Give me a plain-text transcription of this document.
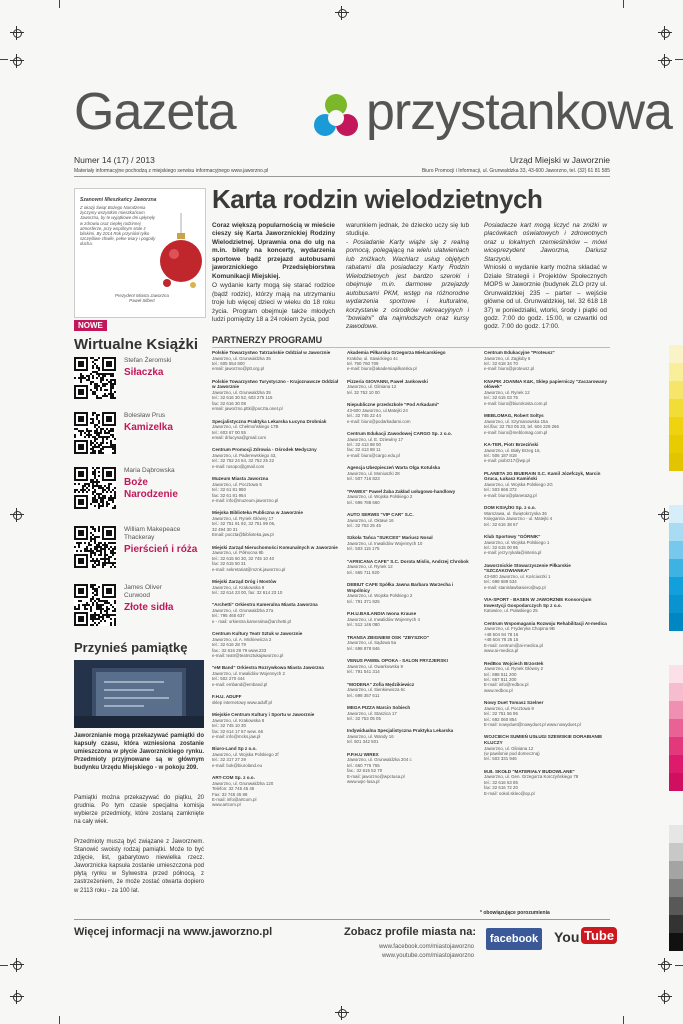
Gazeta	przystankowa
Numer 14 (17) / 2013
Materiały informacyjne pochodzą z miejskiego serwisu informacyjnego www.jaworzno.pl
Urząd Miejski w Jaworznie
Biuro Promocji i Informacji, ul. Grunwaldzka 33, 43-600 Jaworzno, tel. (32) 61 81 585
Szanowni Mieszkańcy Jaworzna
Z okazji Świąt Bożego Narodzenia życzymy wszystkim mieszkańcom Jaworzna, by te wyjątkowe dni upłynęły w zdrowiu oraz ciepłej rodzinnej atmosferze, przy wspólnym stole z bliskimi. By 2014 Rok przyniósł tylko szczęśliwe chwile, pełne wiary i pogody ducha.
Prezydent Miasta Jaworzna
Paweł Silbert
NOWE
Wirtualne Książki
Stefan Żeromski
Siłaczka
Bolesław Prus
Kamizelka
Maria Dąbrowska
Boże Narodzenie
William Makepeace Thackeray
Pierścień i róża
James Oliver Curwood
Złote sidła
Przynieś pamiątkę
Jaworznianie mogą przekazywać pamiątki do kapsuły czasu, która wzniesiona zostanie umieszczona w płycie Jaworznickiego rynku. Przedmioty przyjmowane są w głównym budynku Urzędu Miejskiego - w pokoju 209.
Pamiątki można przekazywać do piątku, 20 grudnia. Po tym czasie specjalna komisja wybierze przedmioty, które zostaną zamknięte na cały wiek.
Przedmioty muszą być związane z Jaworznem. Stanowić swoisty rodzaj pamiątki. Może to być zdjęcie, list, gabarytowo niewielka rzecz. Jaworznicka kapsuła zostanie umieszczona pod płytą rynku w Sylwestra przed północą, z zastrzeżeniem, że może zostać otwarta dopiero w 2113 roku - za 100 lat.
Karta rodzin wielodzietnych
Coraz większą popularnością w mieście cieszy się Karta Jaworznickiej Rodziny Wielodzietnej. Uprawnia ona do ulg na m.in. bilety na koncerty, wydarzenia sportowe bądź przejazd autobusami jaworznickiego Przedsiębiorstwa Komunikacji Miejskiej.
O wydanie karty mogą się starać rodzice (bądź rodzic), którzy mają na utrzymaniu troje lub więcej dzieci w wieku do 18 roku życia. Program obejmuje także młodych ludzi pomiędzy 18 a 24 rokiem życia, pod
warunkiem jednak, że dziecko uczy się lub studiuje.
- Posiadanie Karty wiąże się z realną pomocą, polegającą na wielu ulatwieniach lub zniżkach. Wachlarz usług objętych rabatami dla posiadaczy Karty Rodzin Wielodzietnych jest bardzo szeroki i obejmuje m.in. darmowe przejazdy autobusami PKM, wstęp na różnorodne wydarzenia sportowe i kulturalne, korzystanie z ośrodków rekreacyjnych i "bowialni" dla najmłodszych oraz kursy zawodowe.
Posiadacze kart mogą liczyć na zniżki w placówkach oświatowych i zdrowotnych oraz u lokalnych rzemieślników – mówi wiceprezydent Jaworzna, Dariusz Starzycki.
Wnioski o wydanie karty można składać w Dziale Strategii i Projektów Społecznych MOPS w Jaworznie (budynek ZLO przy ul. Grunwaldzkiej 235 – parter – wejście główne od ul. Grunwaldzkiej, tel. 32 618 18 37) w poniedziałki, wtorki, środy i piątki od godz. 7:00 do godz. 15:00, w czwartki od godz. 7:00 do godz. 17:00.
PARTNERZY PROGRAMU
Polskie Towarzystwo Tatrzańskie Oddział w Jaworznie
Jaworzno, ul. Grunwaldzka 35
tel.: 605 554 800
email: jaworzno@ptt.org.pl
Polskie Towarzystwo Turystyczno - Krajoznawcze Oddział w Jaworznie
Jaworzno, ul. Grunwaldzka 35
tel.: 32 616 30 52, 603 275 115
fax: 32 616 30 08
email: jaworzno.pttk@poczta.onet.pl
Specjalistyczna Praktyka Lekarska Łucyna Drobniak
Jaworzno, ul. Chełmońskiego 17B
tel.: 603 67 00 55
email: drlucyna@gmail.com
Centrum Promocji Zdrowia - Ośrodek Medyczny
Jaworzno, ul. Paderewskiego 43,
tel.: 32 752 24 64, 32 752 25 22
e-mail: rusopo@gmail.com
Muzeum Miasta Jaworzna
Jaworzno, ul. Pocztowa 5
tel.: 32 61 81 950
fax: 32 61 81 954
e-mail: info@muzeum.jaworzno.pl
Miejska Biblioteka Publiczna w Jaworznie
Jaworzno, ul. Rynek Główny 17
tel.: 32 751 91 92, 32 751 99 06,
32 494 30 31
Email: poczta@biblioteka.jaw.pl
Miejski Zarząd Nieruchomości Komunalnych w Jaworznie
Jaworzno, ul. Północna 9b
tel.: 32 615 50 30, 32 745 10 40
fax: 32 615 50 31
e-mail: sekretariat@mznk.jaworzno.pl
Miejski Zarząd Dróg i Mostów
Jaworzno, ul. Krakowska 9
tel.: 32 614 23 00, fax: 32 614 23 10
"Archetti" Orkiestra Kameralna Miasta Jaworzna
Jaworzno, ul. Grunwaldzka 27a
tel.: 795 465 637
e - mail: orkiestra.kameralna@archetti.pl
Centrum Kultury Teatr Sztuk w Jaworznie
Jaworzno, ul. A. Mickiewicza 2
tel.: 32 616 28 79
fax.: 32 616 28 79 www.233
e-mail: teatr@teatrsztukajaworzno.pl
"eM Band" Orkiestra Rozrywkowa Miasta Jaworzna
Jaworzno, ul. Inwalidów Wojennych 2
tel.: 502 270 444
e-mail: emband@emband.pl
F.H.U. ADUFF
sklep internetowy www.aduff.pl
Miejskie Centrum Kultury i Sportu w Jaworznie
Jaworzno, ul. Krakowska 8
tel.: 32 745 10 30
fax: 32 614 17 67 wew. 66
e-mail: info@mcks.jaw.pl
Biuro-Land Sp z o.o.
Jaworzno, ul. Wojska Polskiego 2f
tel.: 32 317 27 29
e-mail: bok@biuroland.eu
ART-COM Sp. z o.o.
Jaworzno, ul. Grunwaldzka 120
Telefon: 32 745 45 45
Fax: 32 745 45 88
E-mail: info@artcom.pl
www.artcom.pl
Akademia Piłkarska Grzegorza Mielcarskiego
Kraków, ul. Sawickiego 4c
tel. 790 760 709
e-mail: biuro@akademiapilkarska.pl
Pizzeria GIOVANNI, Paweł Jankowski
Jaworzno, ul. Gliniana 12
tel. 32 752 10 00
Niepubliczne przedszkole "Pod Arkadami"
43-600 Jaworzno, ul.Matejki 24
tel.: 32 745 22 44
e-mail: biuro@podarkadami.com
Centrum Edukacji Zawodowej CARGO Sp. z o.o.
Jaworzno, ul. E. Dziewiny 17
tel.: 32 413 88 00
fax: 32 413 88 11
e-mail: biuro@cargo.edu.pl
Agencja Ubezpieczeń Warta Olga Kotulska
Jaworzno, ul. Moniuszki 28
tel.: 507 716 823
"PAWEX" Paweł Żaba Zakład usługowo-handlowy
Jaworzno, ul. Wojska Polskiego 2
tel.: 696 788 660
AUTO SERWIS "VIP CAR" S.C.
Jaworzno, ul. Oktawi 16
tel.: 32 753 25 45
Szkoła Tańca "SUKCES" Mariusz Nosal
Jaworzno, ul. Inwalidów Wojennych 10
tel.: 503 115 175
"AFRICANA CAFE" S.C. Dorota Mislis, Andrzej Chrobok
Jaworzno, ul. Rynek 12
tel.: 665 711 920
DEBIUT CAFE Spółka Jawna Barbara Warzecha i Wspólnicy
Jaworzno, ul. Wojska Polskiego 2
tel.: 791 371 825
P.H.U.BAILANDIA Iwona Krause
Jaworzno, ul. Inwalidów Wojennych 4
tel.: 512 146 080
TRANSA ZBIGNIEW OSK "ZBYSZKO"
Jaworzno, ul. Sądowa 5a
tel.: 698 878 846
VENUS PAWEŁ OPOKA - SALON FRYZJERSKI
Jaworzno, ul. Gwarkowska 9
tel.: 791 541 314
"MODENA" Zofia Mędzikiewicz
Jaworzno, ul. Sienkiewicza 6c
tel.: 698 357 611
MEGA PIZZA Marcin Sobiech
Jaworzno, ul. Staszica 17
tel.: 32 753 05 05
Indywidualna Specjalistyczna Praktyka Lekarska
Jaworzno, ul. Wandy 16
tel. 501 342 501
P.P.H.U WIREX
Jaworzno, ul. Grunwaldzka 204 c
tel.: 660 776 755
fax.: 32 615 52 70
E-mail: jaworzno@wpctusa.pl
www.wpc-lusa.pl
Centrum Edukacyjne "Proteusz"
Jaworzno, ul. Zagłoby 6
tel.: 32 618 34 70
e-mail: biuro@proteusz.pl
KNAPIK JOANNA K&K, Sklep papierniczy "Zaczarowany ołówek"
Jaworzno, ul. Rynek 12
tel.: 32 615 03 75
e-mail: biuro@biurokosta.com.pl
MEBLOMAG, Robert Soltys
Jaworzno, ul. Szymanowska 15a
tel./fax: 32 753 05 33, tel. 604 229 266
e-mail: biuro@meblomag.com.pl
KA-TER, Piotr Brzeziński
Jaworzno, ul. Biały Brzeg 16,
tel.: 506 187 818
e-mail: piobrz17@wp.pl
PLANETA 2G BIUERAIN S.C. Kamil Józefczyk, Marcin Gruca, Łukasz Kamiński
Jaworzno, ul. Wojska Polskiego 2G
tel.: 503 666 372
e-mail: biuro@planeta2g.pl
DOM KSIĄŻKI Sp. z o.o.
Warszawa, ul. Świętokrzyska 36
Księgarnia Jaworzno - ul. Matejki 4
tel.: 32 616 38 67
Klub Sportowy "GÓRNIK"
Jaworzno, ul. Wojska Polskiego 1
tel.: 32 615 00 95
e-mail: jerzy.rykala@interia.pl
Jaworznickie Stowarzyszenie Piłkarskie "SZCZAKOWIANKA"
43-600 Jaworzno, ul. Kościuszki 1
tel.: 698 689 534
e-mail: stanislawbasiero@wp.pl
VIA-SPORT - BASEN W JAWORZNIE Konsorcjum Inwestycji Gospodarczych Sp z o.o.
Katowice, ul. Pułaskiego 25
Centrum Wspomagania Rozwoju Rehabilitacji AI-medica
Jaworzno, ul. Fryderyka Chopina 9B
+48 504 94 78 16
+48 604 78 26 15
E-mail: centrum@ai-medica.pl
www.ai-medica.pl
RedBox Wojciech Brzostek
Jaworzno, ul. Rynek Główny 2
tel.: 888 511 200
tel.: 667 811 200
E-mail: info@redbox.pl
www.redbox.pl
Nowy Duet Tomasz Szelner
Jaworzno, ul. Pocztowa 9
tel.: 32 751 56 95
tel.: 692 060 854
E-mail: nowyduet@nowyduet.pl www.nowyduet.pl
WOJCIECH SUMIEŃ USŁUGI SZEWSKIE DORABIANIE KLUCZY
Jaworzno, ul. Gliniana 12
(w pawilonie pod domeczną)
tel.: 503 331 946
M.B. SKOŁD "MATERIAŁY BUDOWLANE"
Jaworzno, ul. Gen. Grzegorza Korczyńskiego 78
tel.: 32 616 53 85
fax: 32 616 72 20
E-mail: sokol.skleo@op.pl
* obowiązujące porozumienia
Więcej informacji na www.jaworzno.pl	Zobacz profile miasta na:
www.facebook.com/miastojaworzno
www.youtube.com/miastojaworzno
facebook You Tube
